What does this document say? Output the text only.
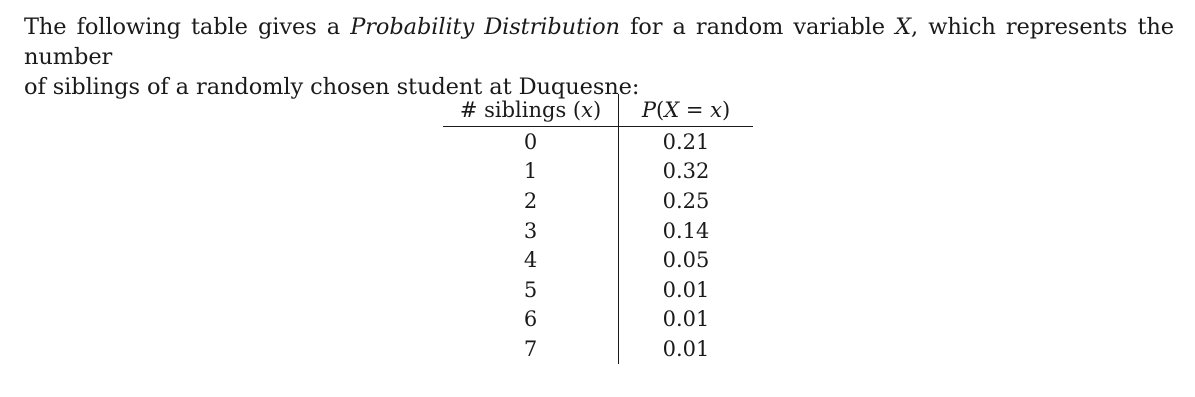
The following table gives a Probability Distribution for a random variable X, which represents the number
of siblings of a randomly chosen student at Duquesne:
# siblings (x)	P(X = x)
0	0.21
1	0.32
2	0.25
3	0.14
4	0.05
5	0.01
6	0.01
7	0.01
